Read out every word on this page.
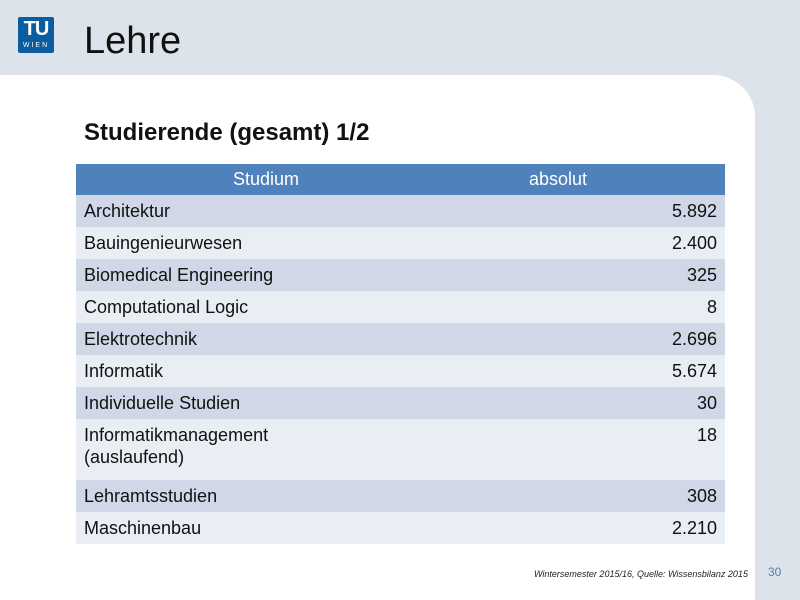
TU
WIEN Lehre
Studierende (gesamt) 1/2
Studium	absolut
Architektur	5.892
Bauingenieurwesen	2.400
Biomedical Engineering	325
Computational Logic	8
Elektrotechnik	2.696
Informatik	5.674
Individuelle Studien	30
Informatikmanagement
(auslaufend)	18
Lehramtsstudien	308
Maschinenbau	2.210
Wintersemester 2015/16, Quelle: Wissensbilanz 2015 30
